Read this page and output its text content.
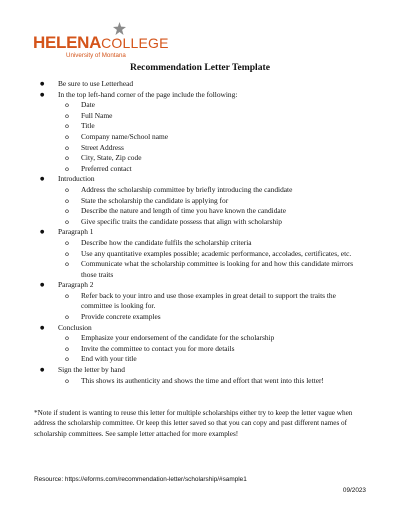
HELENACOLLEGE
University of Montana
Recommendation Letter Template
● Be sure to use Letterhead
● In the top left-hand corner of the page include the following:
o Date
o Full Name
o Title
o Company name/School name
o Street Address
o City, State, Zip code
o Preferred contact
● Introduction
o Address the scholarship committee by briefly introducing the candidate
o State the scholarship the candidate is applying for
o Describe the nature and length of time you have known the candidate
o Give specific traits the candidate possess that align with scholarship
● Paragraph 1
o Describe how the candidate fulfils the scholarship criteria
o Use any quantitative examples possible; academic performance, accolades, certificates, etc.
o Communicate what the scholarship committee is looking for and how this candidate mirrors those traits
● Paragraph 2
o Refer back to your intro and use those examples in great detail to support the traits the committee is looking for.
o Provide concrete examples
● Conclusion
o Emphasize your endorsement of the candidate for the scholarship
o Invite the committee to contact you for more details
o End with your title
● Sign the letter by hand
o This shows its authenticity and shows the time and effort that went into this letter!
*Note if student is wanting to reuse this letter for multiple scholarships either try to keep the letter vague when address the scholarship committee. Or keep this letter saved so that you can copy and past different names of scholarship committees. See sample letter attached for more examples!
Resource: https://eforms.com/recommendation-letter/scholarship/#sample1
09/2023
